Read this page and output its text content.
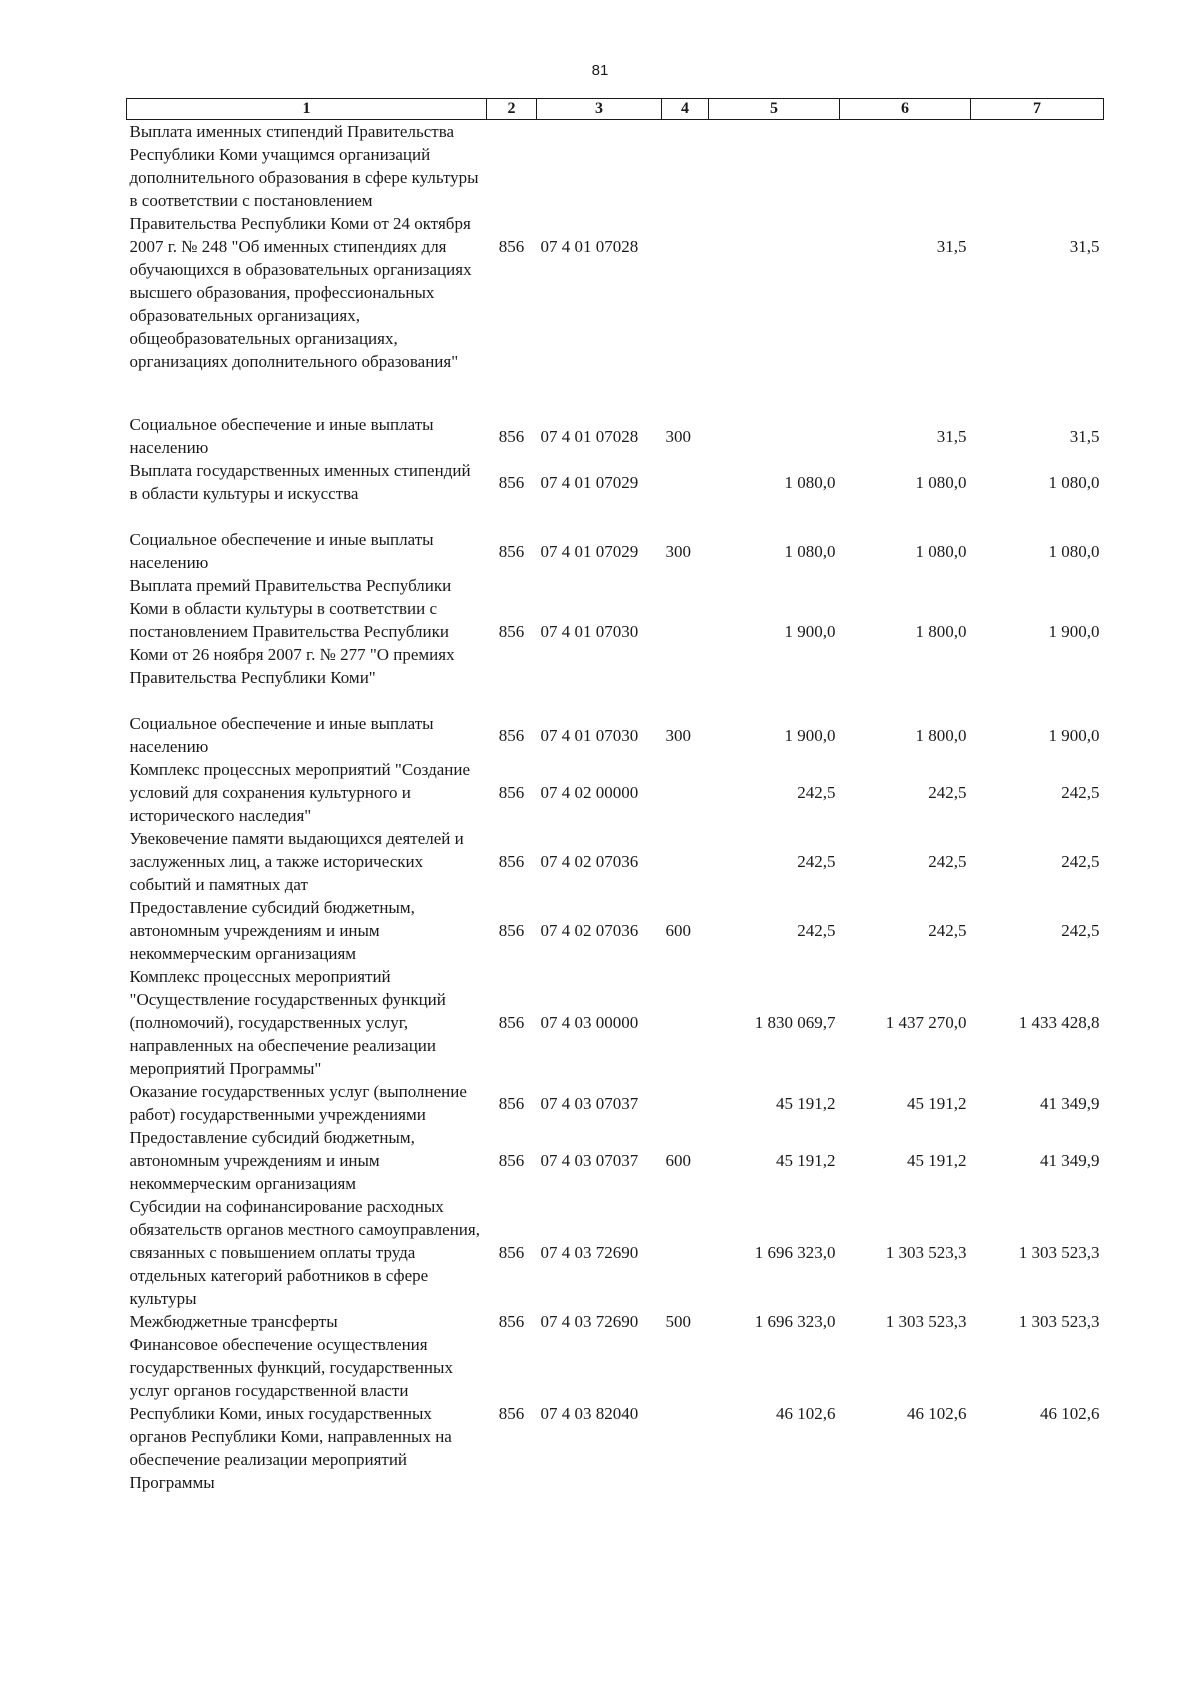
81
1	2	3	4	5	6	7
Выплата именных стипендий Правительства Республики Коми учащимся организаций дополнительного образования в сфере культуры в соответствии с постановлением Правительства Республики Коми от 24 октября 2007 г. № 248 "Об именных стипендиях для обучающихся в образовательных организациях высшего образования, профессиональных образовательных организациях, общеобразовательных организациях, организациях дополнительного образования"	856	07 4 01 07028			31,5	31,5
Социальное обеспечение и иные выплаты населению	856	07 4 01 07028	300		31,5	31,5
Выплата государственных именных стипендий в области культуры и искусства	856	07 4 01 07029		1 080,0	1 080,0	1 080,0
Социальное обеспечение и иные выплаты населению	856	07 4 01 07029	300	1 080,0	1 080,0	1 080,0
Выплата премий Правительства Республики Коми в области культуры в соответствии с постановлением Правительства Республики Коми от 26 ноября 2007 г. № 277 "О премиях Правительства Республики Коми"	856	07 4 01 07030		1 900,0	1 800,0	1 900,0
Социальное обеспечение и иные выплаты населению	856	07 4 01 07030	300	1 900,0	1 800,0	1 900,0
Комплекс процессных мероприятий "Создание условий для сохранения культурного и исторического наследия"	856	07 4 02 00000		242,5	242,5	242,5
Увековечение памяти выдающихся деятелей и заслуженных лиц, а также исторических событий и памятных дат	856	07 4 02 07036		242,5	242,5	242,5
Предоставление субсидий бюджетным, автономным учреждениям и иным некоммерческим организациям	856	07 4 02 07036	600	242,5	242,5	242,5
Комплекс процессных мероприятий "Осуществление государственных функций (полномочий), государственных услуг, направленных на обеспечение реализации мероприятий Программы"	856	07 4 03 00000		1 830 069,7	1 437 270,0	1 433 428,8
Оказание государственных услуг (выполнение работ) государственными учреждениями	856	07 4 03 07037		45 191,2	45 191,2	41 349,9
Предоставление субсидий бюджетным, автономным учреждениям и иным некоммерческим организациям	856	07 4 03 07037	600	45 191,2	45 191,2	41 349,9
Субсидии на софинансирование расходных обязательств органов местного самоуправления, связанных с повышением оплаты труда отдельных категорий работников в сфере культуры	856	07 4 03 72690		1 696 323,0	1 303 523,3	1 303 523,3
Межбюджетные трансферты	856	07 4 03 72690	500	1 696 323,0	1 303 523,3	1 303 523,3
Финансовое обеспечение осуществления государственных функций, государственных услуг органов государственной власти Республики Коми, иных государственных органов Республики Коми, направленных на обеспечение реализации мероприятий Программы	856	07 4 03 82040		46 102,6	46 102,6	46 102,6
